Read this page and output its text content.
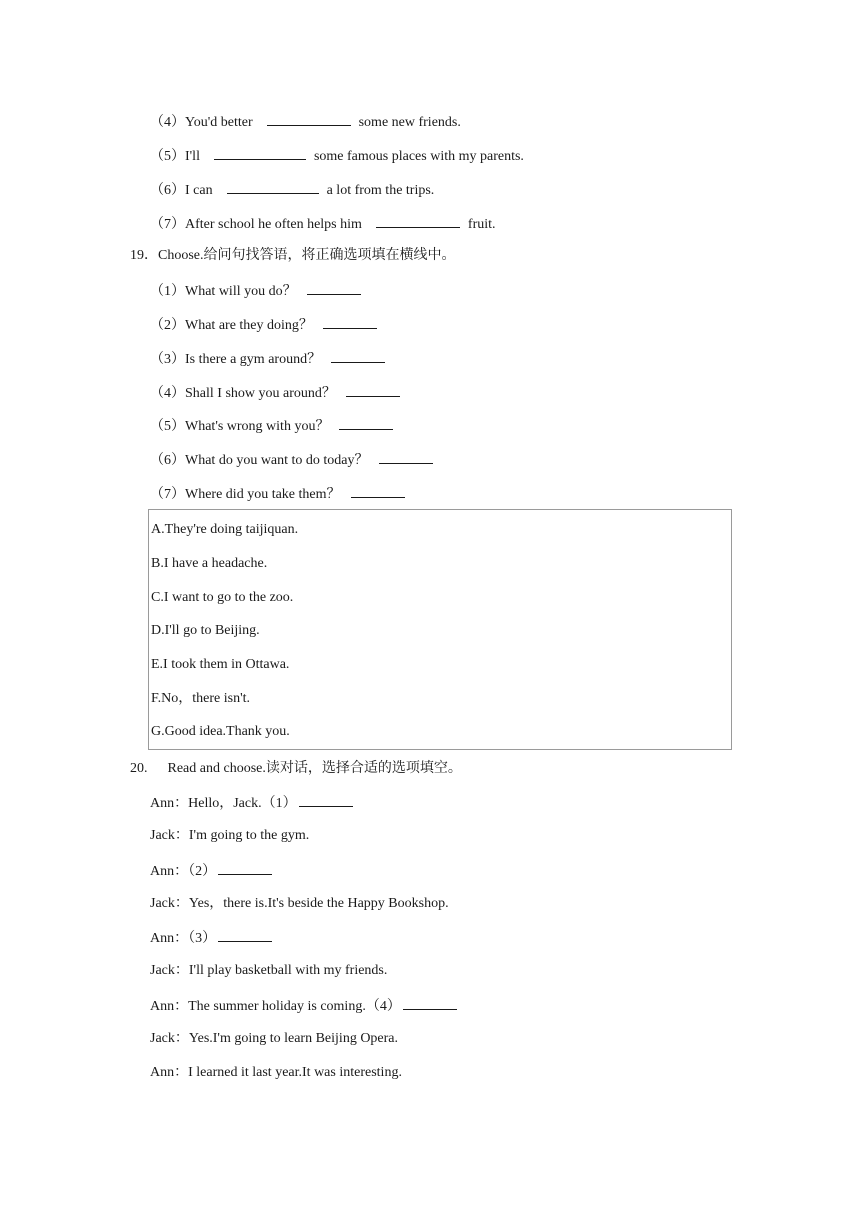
（4）You'd better	some new friends.
（5）I'll	some famous places with my parents.
（6）I can	a lot from the trips.
（7）After school he often helps him	fruit.
19．Choose.给问句找答语，将正确选项填在横线中。
（1）What will you do？
（2）What are they doing？
（3）Is there a gym around？
（4）Shall I show you around？
（5）What's wrong with you？
（6）What do you want to do today？
（7）Where did you take them？
A.They're doing taijiquan.
B.I have a headache.
C.I want to go to the zoo.
D.I'll go to Beijing.
E.I took them in Ottawa.
F.No，there isn't.
G.Good idea.Thank you.
20. Read and choose.读对话，选择合适的选项填空。
Ann：Hello，Jack.（1）
Jack：I'm going to the gym.
Ann：（2）
Jack：Yes，there is.It's beside the Happy Bookshop.
Ann：（3）
Jack：I'll play basketball with my friends.
Ann：The summer holiday is coming.（4）
Jack：Yes.I'm going to learn Beijing Opera.
Ann：I learned it last year.It was interesting.
